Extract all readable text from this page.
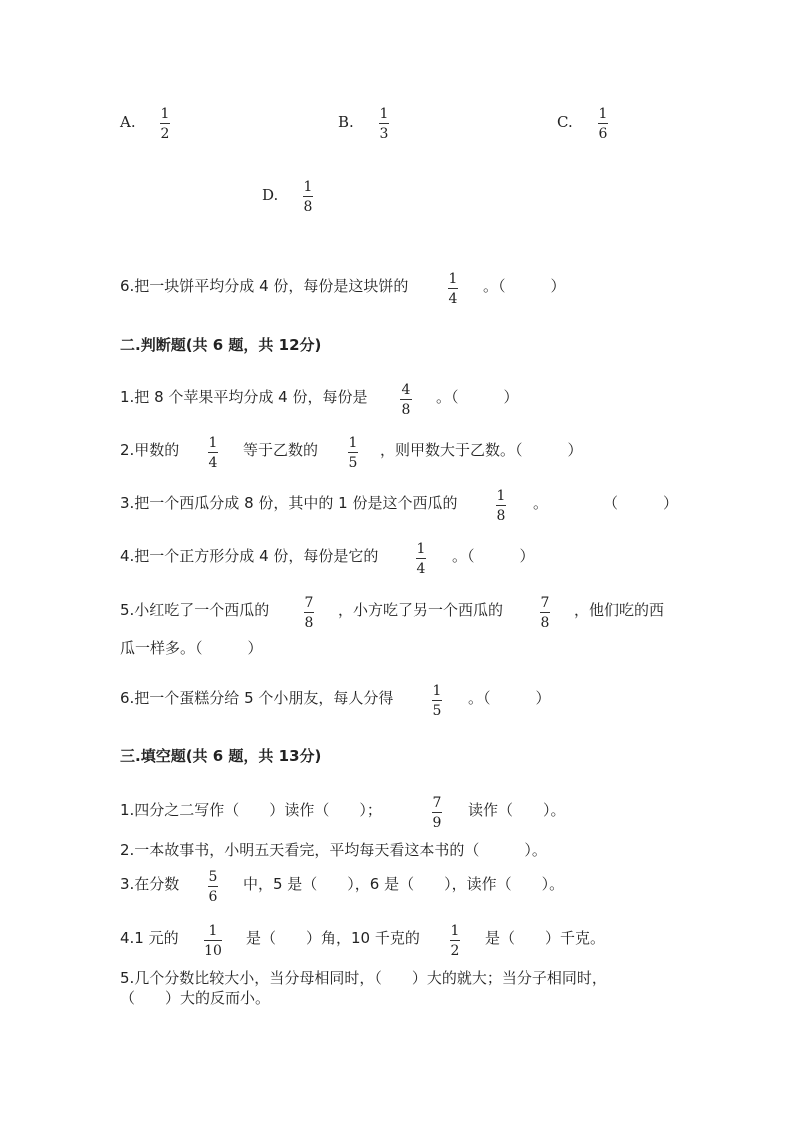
A. 1
2
B. 1
3
C. 1
6
D. 1
8
6.把一块饼平均分成 4 份，每份是这块饼的	1
4
。（　　　）
二.判断题(共 6 题，共 12分)
1.把 8 个苹果平均分成 4 份，每份是 4
8
。（　　　）
2.甲数的 1
4
等于乙数的 1
5
，则甲数大于乙数。（　　　）
3.把一个西瓜分成 8 份，其中的 1 份是这个西瓜的	1
8
。	（　　　）
4.把一个正方形分成 4 份，每份是它的	1
4
。（　　　）
5.小红吃了一个西瓜的	7
8
，小方吃了另一个西瓜的	7
8
，他们吃的西
瓜一样多。（　　　）
6.把一个蛋糕分给 5 个小朋友，每人分得	1
5
。（　　　）
三.填空题(共 6 题，共 13分)
1.四分之二写作（　　）读作（　　）；	7
9
读作（　　）。
2.一本故事书，小明五天看完，平均每天看这本书的（　　　）。
3.在分数 5
6
中，5 是（　　），6 是（　　），读作（　　）。
4.1 元的 1
10
是（　　）角，10 千克的 1
2
是（　　）千克。
5.几个分数比较大小，当分母相同时，（　　）大的就大；当分子相同时，
（　　）大的反而小。
